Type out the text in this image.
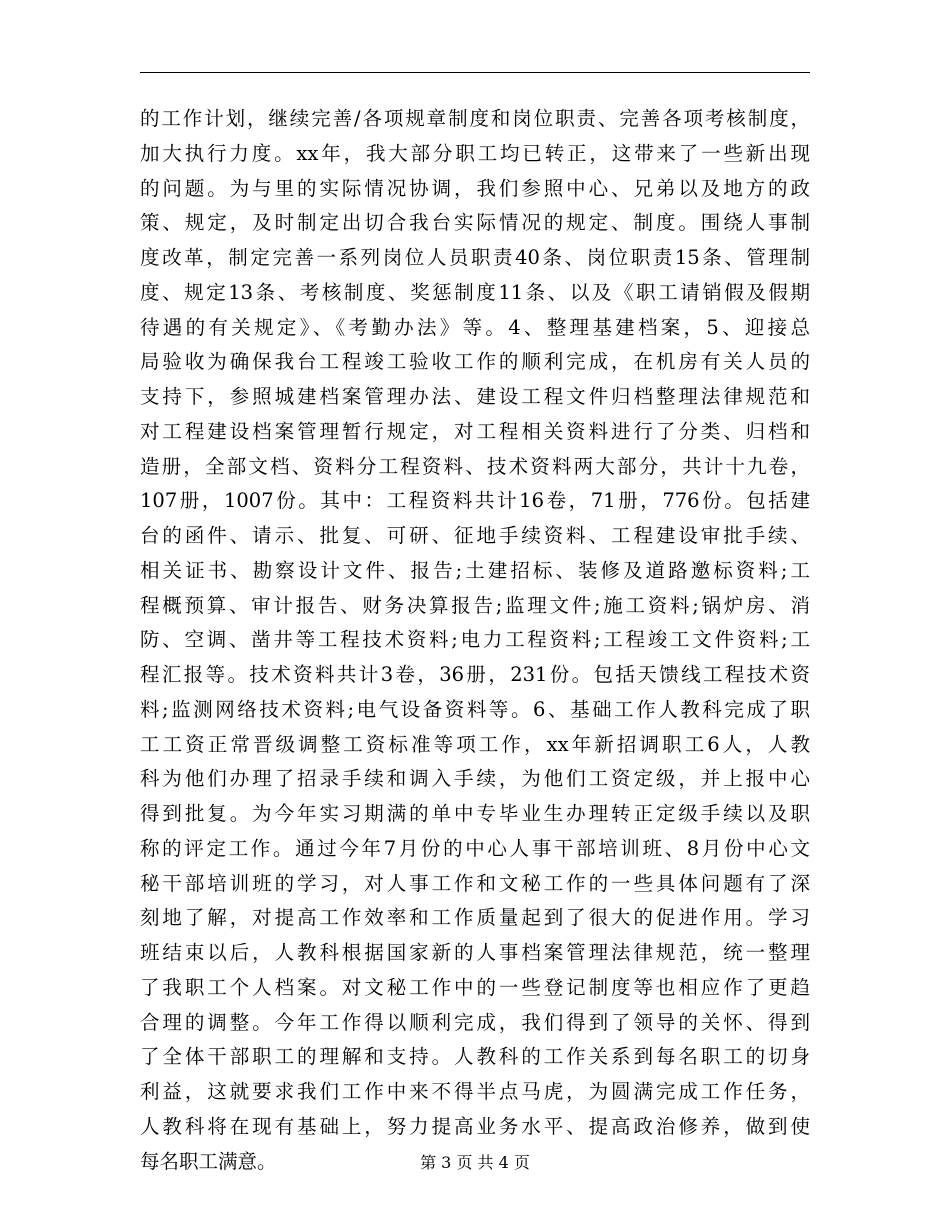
的工作计划，继续完善/各项规章制度和岗位职责、完善各项考核制度，
加大执行力度。xx年，我大部分职工均已转正，这带来了一些新出现
的问题。为与里的实际情况协调，我们参照中心、兄弟以及地方的政
策、规定，及时制定出切合我台实际情况的规定、制度。围绕人事制
度改革，制定完善一系列岗位人员职责40条、岗位职责15条、管理制
度、规定13条、考核制度、奖惩制度11条、以及《职工请销假及假期
待遇的有关规定》、《考勤办法》等。4、整理基建档案，5、迎接总
局验收为确保我台工程竣工验收工作的顺利完成，在机房有关人员的
支持下，参照城建档案管理办法、建设工程文件归档整理法律规范和
对工程建设档案管理暂行规定，对工程相关资料进行了分类、归档和
造册，全部文档、资料分工程资料、技术资料两大部分，共计十九卷，
107册，1007份。其中：工程资料共计16卷，71册，776份。包括建
台的函件、请示、批复、可研、征地手续资料、工程建设审批手续、
相关证书、勘察设计文件、报告;土建招标、装修及道路邀标资料;工
程概预算、审计报告、财务决算报告;监理文件;施工资料;锅炉房、消
防、空调、凿井等工程技术资料;电力工程资料;工程竣工文件资料;工
程汇报等。技术资料共计3卷，36册，231份。包括天馈线工程技术资
料;监测网络技术资料;电气设备资料等。6、基础工作人教科完成了职
工工资正常晋级调整工资标准等项工作，xx年新招调职工6人，人教
科为他们办理了招录手续和调入手续，为他们工资定级，并上报中心
得到批复。为今年实习期满的单中专毕业生办理转正定级手续以及职
称的评定工作。通过今年7月份的中心人事干部培训班、8月份中心文
秘干部培训班的学习，对人事工作和文秘工作的一些具体问题有了深
刻地了解，对提高工作效率和工作质量起到了很大的促进作用。学习
班结束以后，人教科根据国家新的人事档案管理法律规范，统一整理
了我职工个人档案。对文秘工作中的一些登记制度等也相应作了更趋
合理的调整。今年工作得以顺利完成，我们得到了领导的关怀、得到
了全体干部职工的理解和支持。人教科的工作关系到每名职工的切身
利益，这就要求我们工作中来不得半点马虎，为圆满完成工作任务，
人教科将在现有基础上，努力提高业务水平、提高政治修养，做到使
每名职工满意。	第 3 页 共 4 页
